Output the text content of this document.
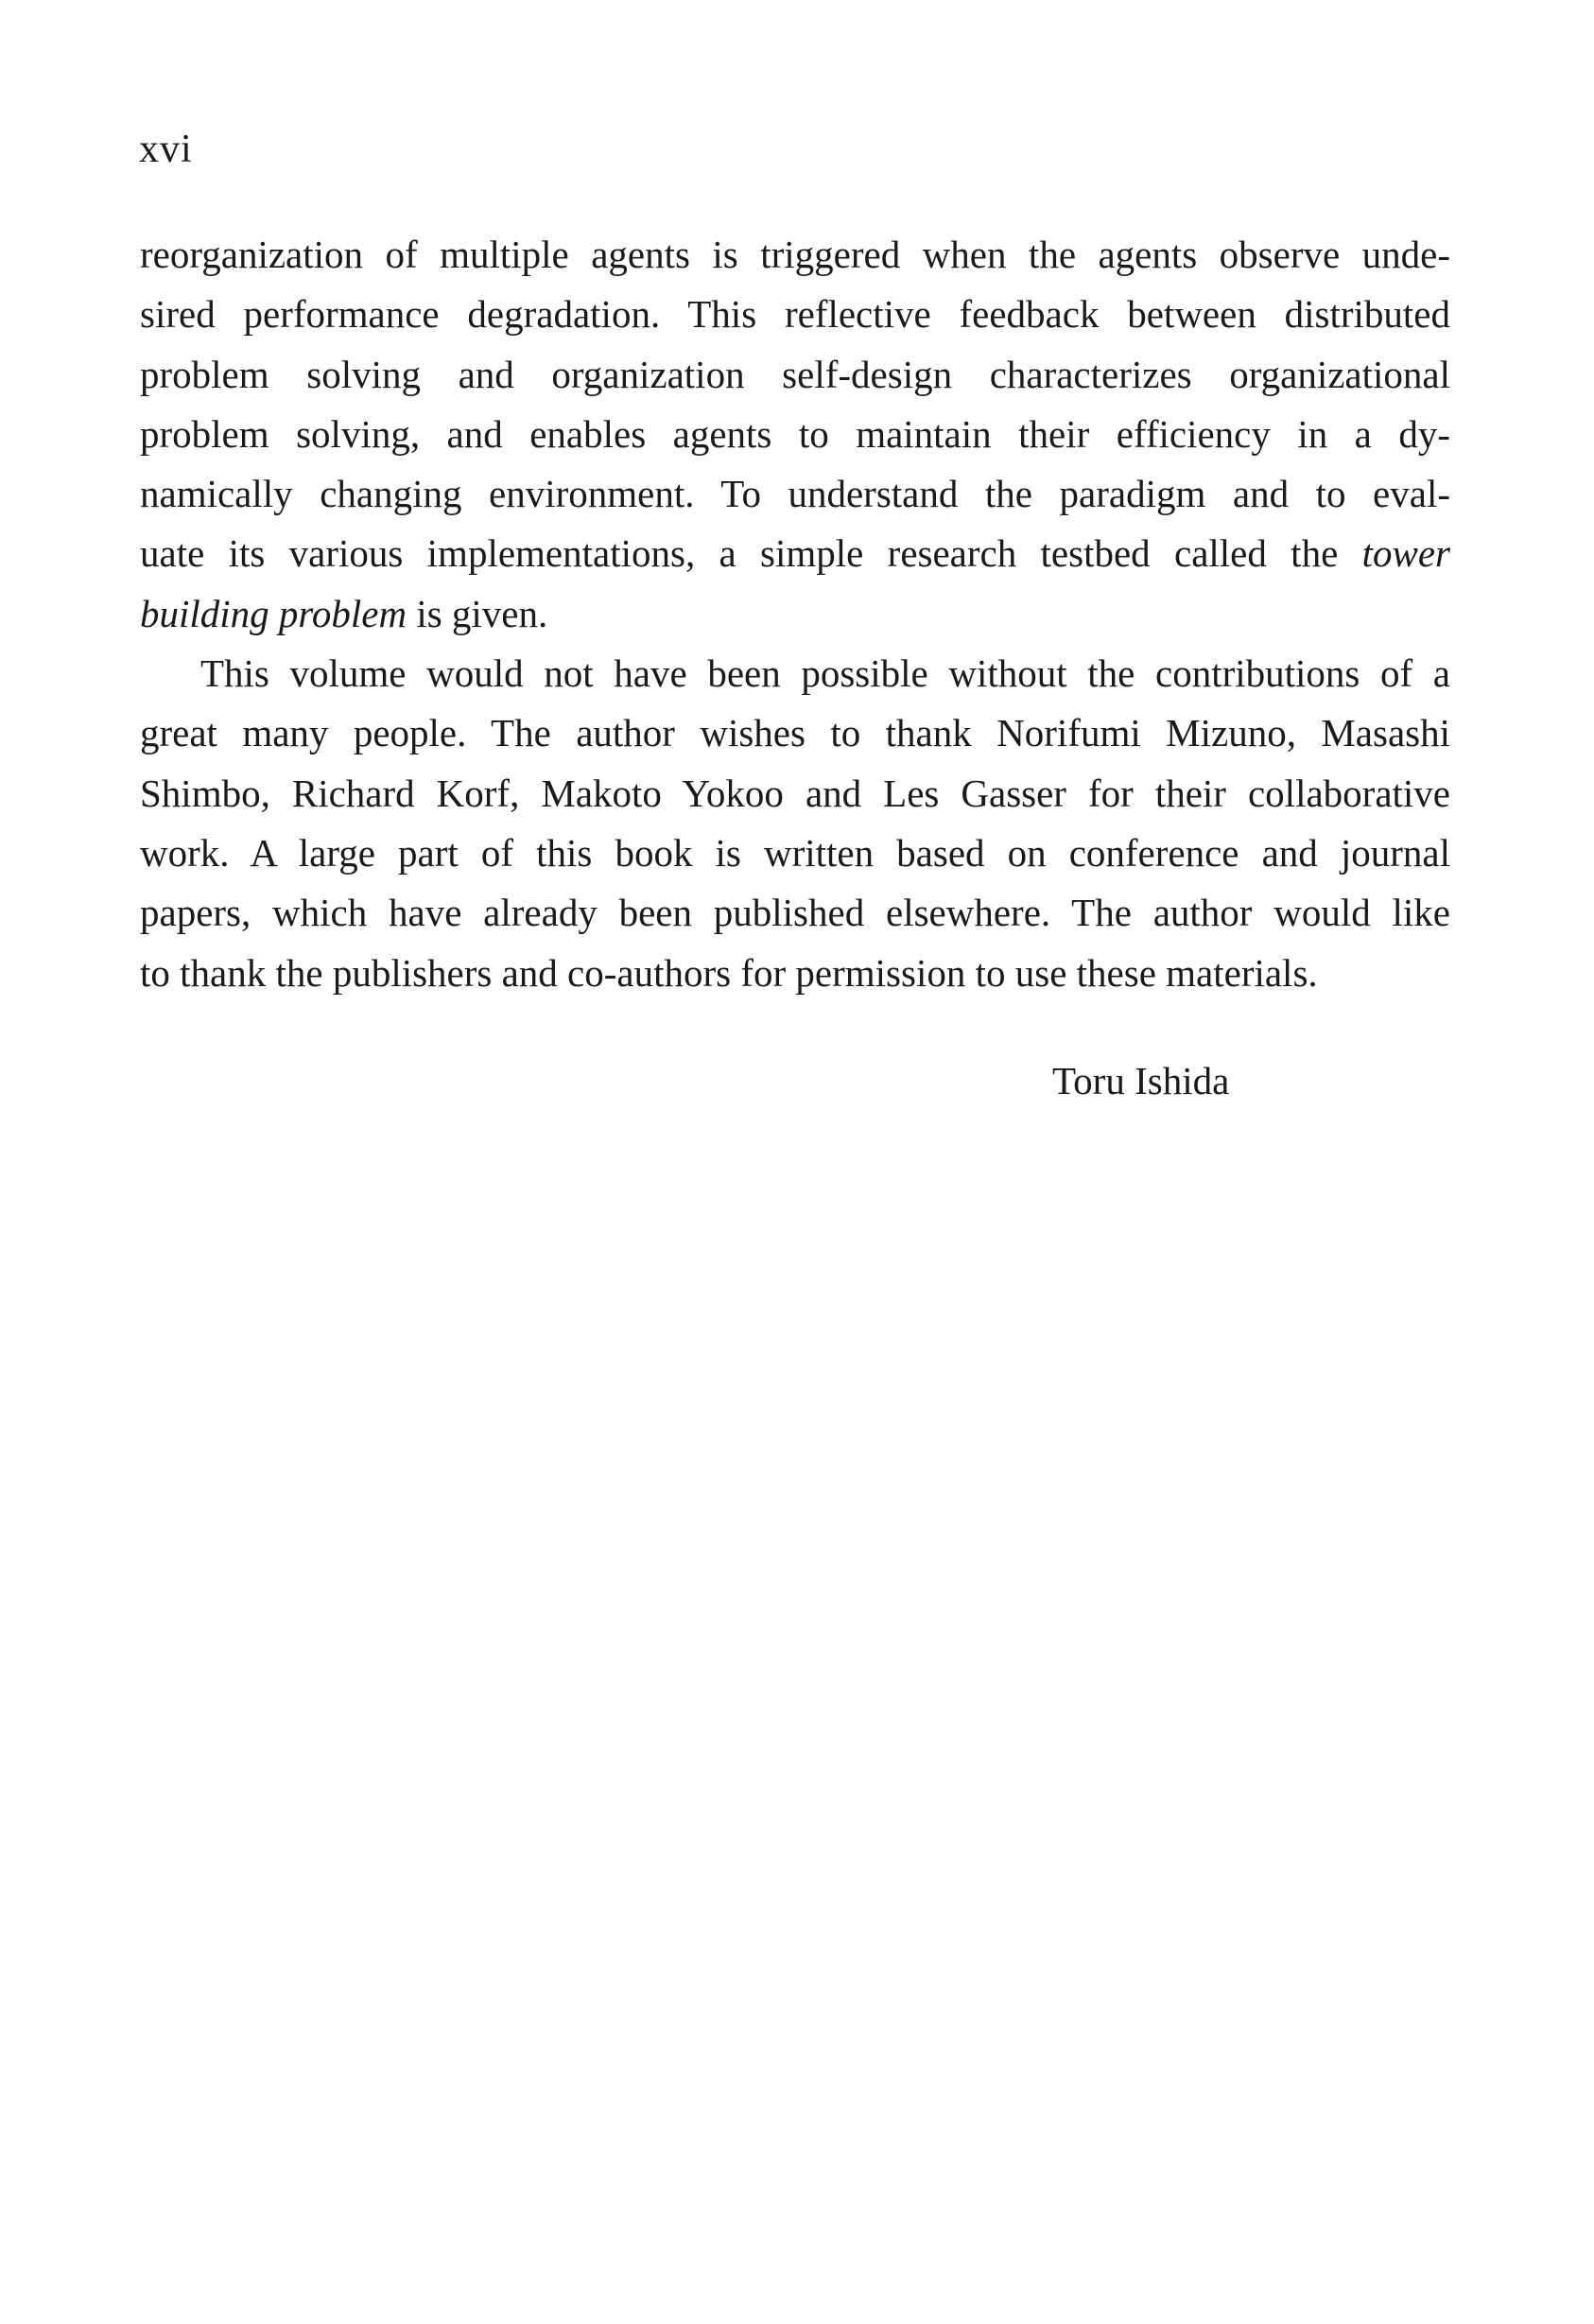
xvi

reorganization of multiple agents is triggered when the agents observe unde-
sired performance degradation. This reflective feedback between distributed
problem solving and organization self-design characterizes organizational
problem solving, and enables agents to maintain their efficiency in a dy-
namically changing environment. To understand the paradigm and to eval-
uate its various implementations, a simple research testbed called the tower
building problem is given.

This volume would not have been possible without the contributions of a
great many people. The author wishes to thank Norifumi Mizuno, Masashi
Shimbo, Richard Korf, Makoto Yokoo and Les Gasser for their collaborative
work. A large part of this book is written based on conference and journal
papers, which have already been published elsewhere. The author would like
to thank the publishers and co-authors for permission to use these materials.

Toru Ishida
